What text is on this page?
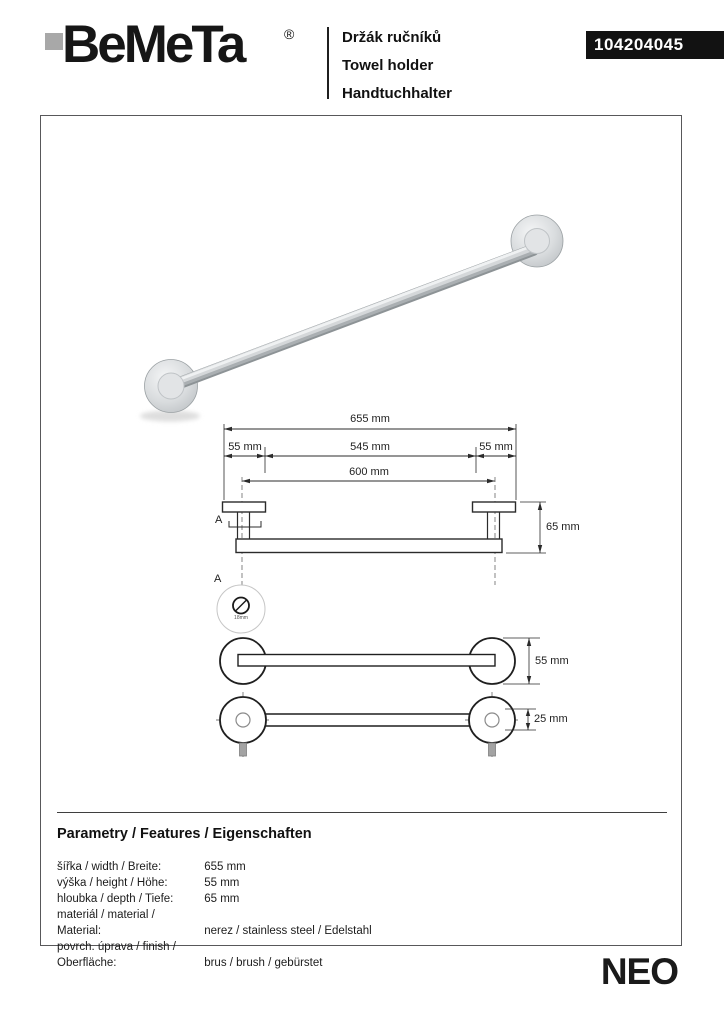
BeMeTa	®	Držák ručníků
Towel holder
Handtuchhalter
104204045
655 mm
55 mm	545 mm	55 mm
600 mm
65 mm
55 mm
25 mm
A
A
18mm
Parametry / Features / Eigenschaften
šířka / width / Breite:	655 mm
výška / height / Höhe:	55 mm
hloubka / depth / Tiefe:	65 mm
materiál / material / Material:	nerez / stainless steel / Edelstahl
povrch. úprava / finish / Oberfläche:	brus / brush / gebürstet	NEO
